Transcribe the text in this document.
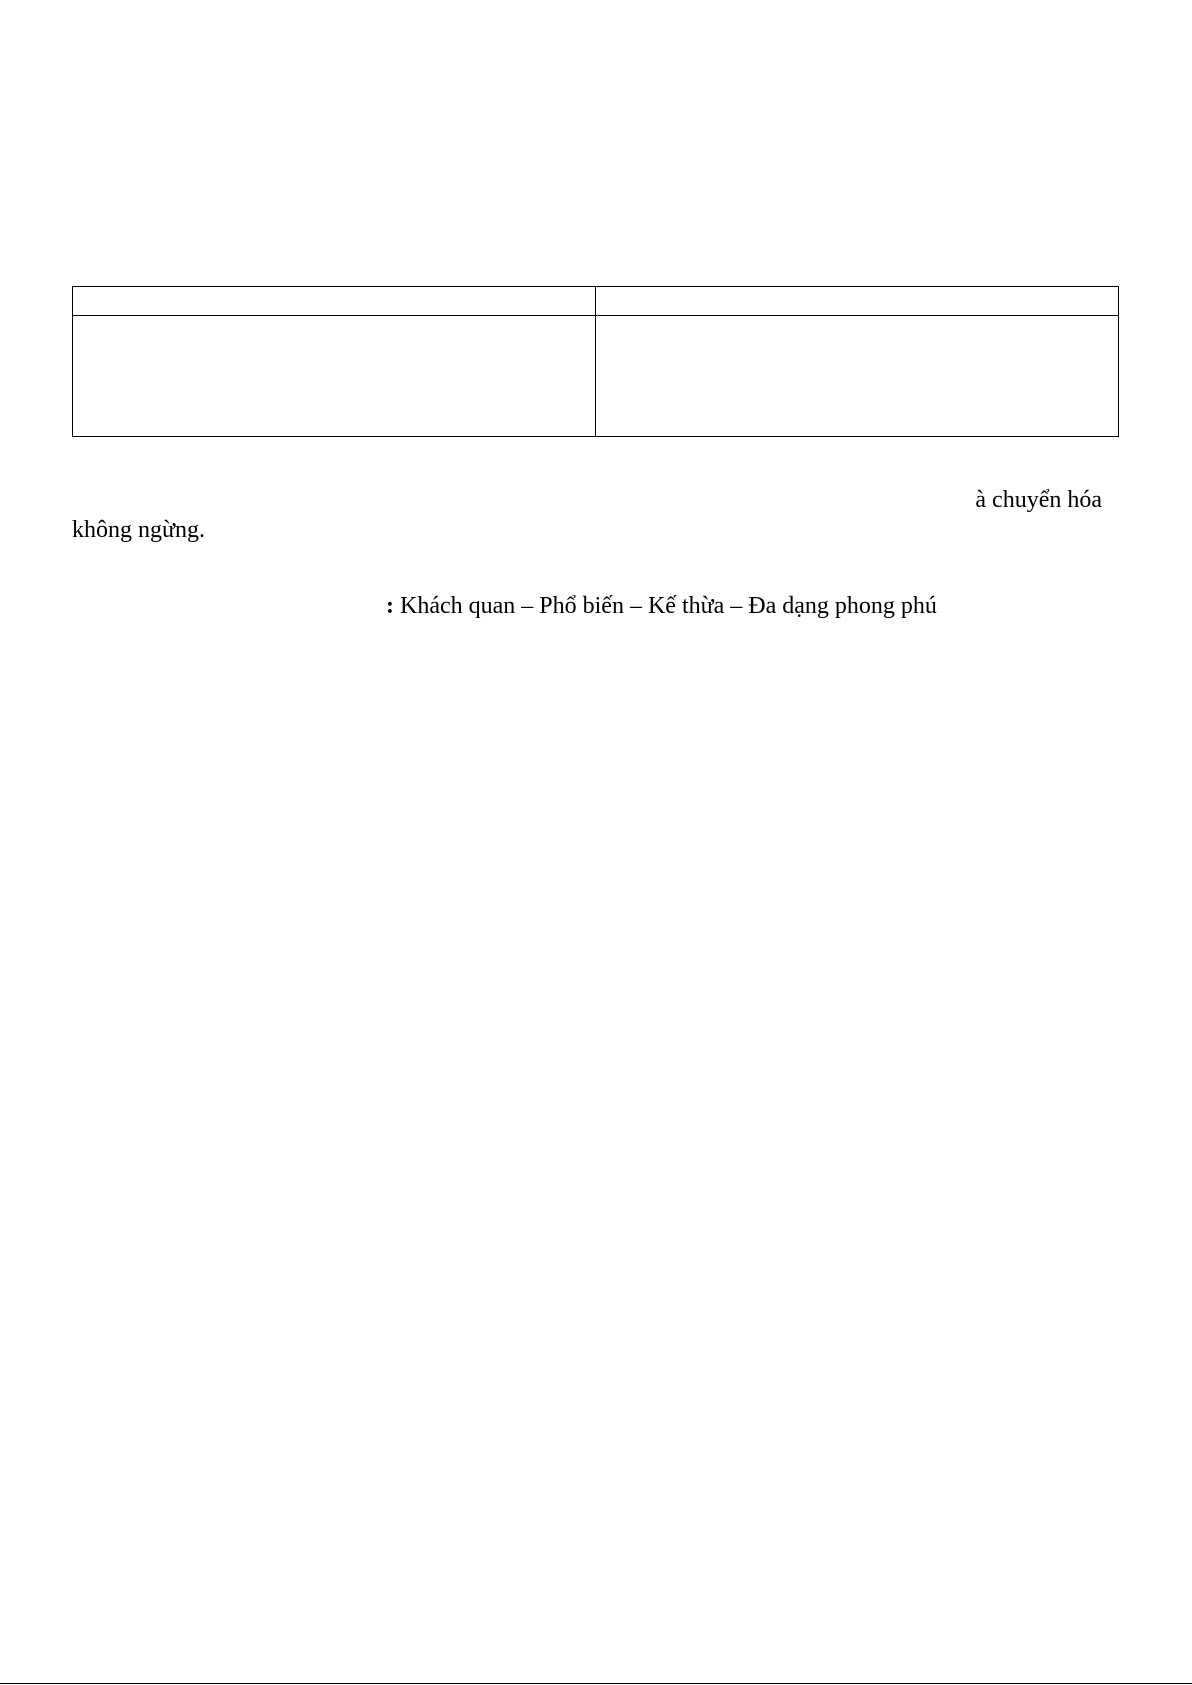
à chuyển hóa
không ngừng.
: Khách quan – Phổ biến – Kế thừa – Đa dạng phong phú
